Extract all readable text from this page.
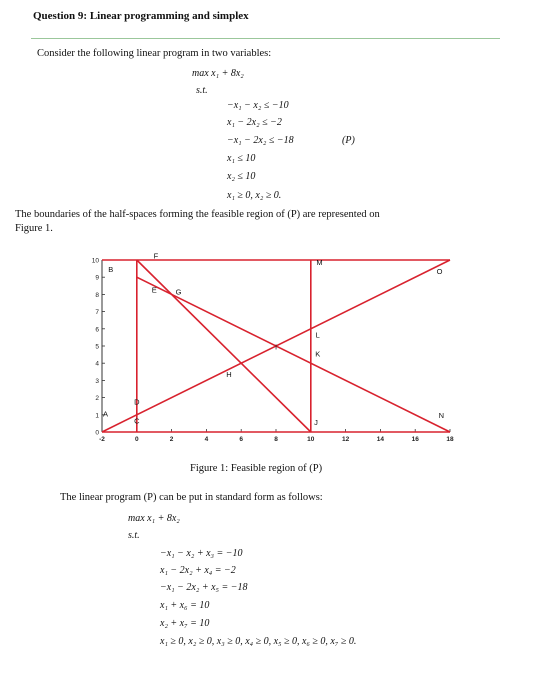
Question 9: Linear programming and simplex
Consider the following linear program in two variables:
max x₁ + 8x₂
s.t.
−x₁ − x₂ ≤ −10
x₁ − 2x₂ ≤ −2
−x₁ − 2x₂ ≤ −18	(P)
x₁ ≤ 10
x₂ ≤ 10
x₁ ≥ 0, x₂ ≥ 0.
The boundaries of the half-spaces forming the feasible region of (P) are represented on
Figure 1.
0
1
2
3
4
5
6
7
8
9
10
-2	0	2	4	6	8	10	12	14	16	18
A
B
C
D
E
F
G
H
I
J
K
L
M
N
O
Figure 1: Feasible region of (P)
The linear program (P) can be put in standard form as follows:
max x₁ + 8x₂
s.t.
−x₁ − x₂ + x₃ = −10
x₁ − 2x₂ + x₄ = −2
−x₁ − 2x₂ + x₅ = −18
x₁ + x₆ = 10
x₂ + x₇ = 10
x₁ ≥ 0, x₂ ≥ 0, x₃ ≥ 0, x₄ ≥ 0, x₅ ≥ 0, x₆ ≥ 0, x₇ ≥ 0.
